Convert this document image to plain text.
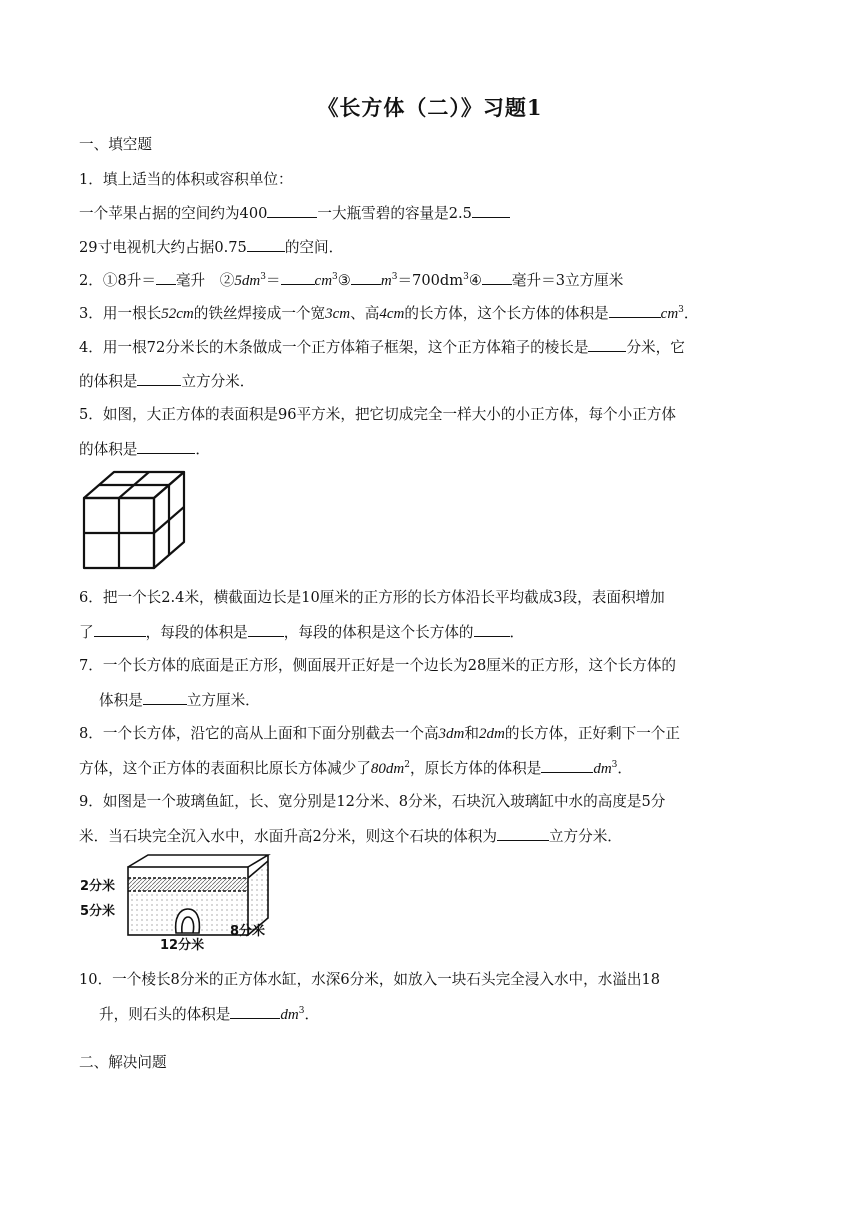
《长方体（二）》习题1
一、填空题
1．填上适当的体积或容积单位：
一个苹果占据的空间约为400	一大瓶雪碧的容量是2.5
29寸电视机大约占据0.75	的空间．
2．①8升＝ 毫升　$②5dm^3=$ $cm^3③$ $m^3=700dm^3④$ 毫升＝3立方厘米
3．用一根长52cm的铁丝焊接成一个宽3cm、高4cm的长方体，这个长方体的体积是	$cm^3$．
4．用一根72分米长的木条做成一个正方体箱子框架，这个正方体箱子的棱长是	分米，它
的体积是	立方分米．
5．如图，大正方体的表面积是96平方米，把它切成完全一样大小的小正方体，每个小正方体
的体积是	．
6．把一个长2.4米，横截面边长是10厘米的正方形的长方体沿长平均截成3段，表面积增加
了	，每段的体积是 ，每段的体积是这个长方体的 ．
7．一个长方体的底面是正方形，侧面展开正好是一个边长为28厘米的正方形，这个长方体的
体积是	立方厘米．
8．一个长方体，沿它的高从上面和下面分别截去一个高3dm和2dm的长方体，正好剩下一个正
方体，这个正方体的表面积比原长方体减少了$80dm^2$，原长方体的体积是	$dm^3$．
9．如图是一个玻璃鱼缸，长、宽分别是12分米、8分米，石块沉入玻璃缸中水的高度是5分
米．当石块完全沉入水中，水面升高2分米，则这个石块的体积为	立方分米．
2分米
5分米
12分米
8分米
10．一个棱长8分米的正方体水缸，水深6分米，如放入一块石头完全浸入水中，水溢出18
升，则石头的体积是	$dm^3$．
二、解决问题
